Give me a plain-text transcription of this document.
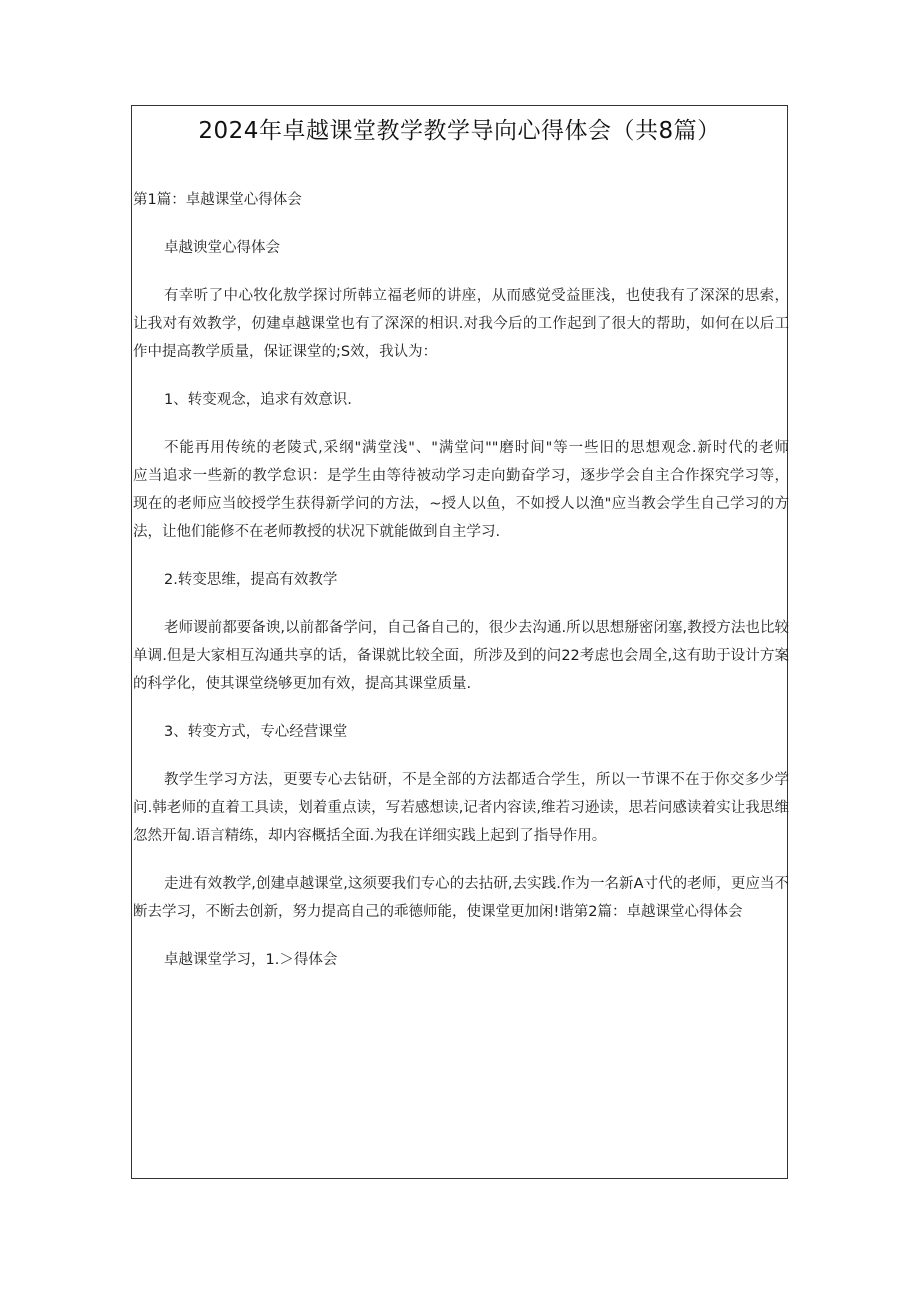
2024年卓越课堂教学教学导向心得体会（共8篇）
第1篇：卓越课堂心得体会
卓越谀堂心得体会
有幸听了中心牧化敖学探讨所韩立福老师的讲座，从而感觉受益匪浅，也使我有了深深的思索，
让我对有效教学，仞建卓越课堂也有了深深的相识.对我今后的工作起到了很大的帮助，如何在以后工
作中提高教学质量，保证课堂的;S效，我认为：
1、转变观念，追求有效意识.
不能再用传统的老陵式,采纲"满堂浅"、"满堂问""磨时间"等一些旧的思想观念.新时代的老师
应当追求一些新的教学怠识：是学生由等待被动学习走向勤奋学习，逐步学会自主合作探究学习等，
现在的老师应当皎授学生获得新学问的方法，~授人以鱼，不如授人以渔"应当教会学生自己学习的方
法，让他们能修不在老师教授的状况下就能做到自主学习.
2.转变思维，提高有效教学
老师谡前都要备谀,以前都备学问，自己备自己的，很少去沟通.所以思想掰密闭塞,教授方法也比较
单调.但是大家相互沟通共享的话，备课就比较全面，所涉及到的问22考虑也会周全,这有助于设计方案
的科学化，使其课堂绕够更加有效，提高其课堂质量.
3、转变方式，专心经营课堂
教学生学习方法，更要专心去钻研，不是全部的方法都适合学生，所以一节课不在于你交多少学
问.韩老师的直着工具读，划着重点读，写若感想读,记者内容读,维若习逊读，思若问感读着实让我思维
忽然开匐.语言精练，却内容概括全面.为我在详细实践上起到了指导作用。
走进有效教学,创建卓越课堂,这须要我们专心的去拈研,去实践.作为一名新A寸代的老师，更应当不
断去学习，不断去创新，努力提高自己的乖德师能，使课堂更加闲!谐第2篇：卓越课堂心得体会
卓越课堂学习，1.＞得体会
